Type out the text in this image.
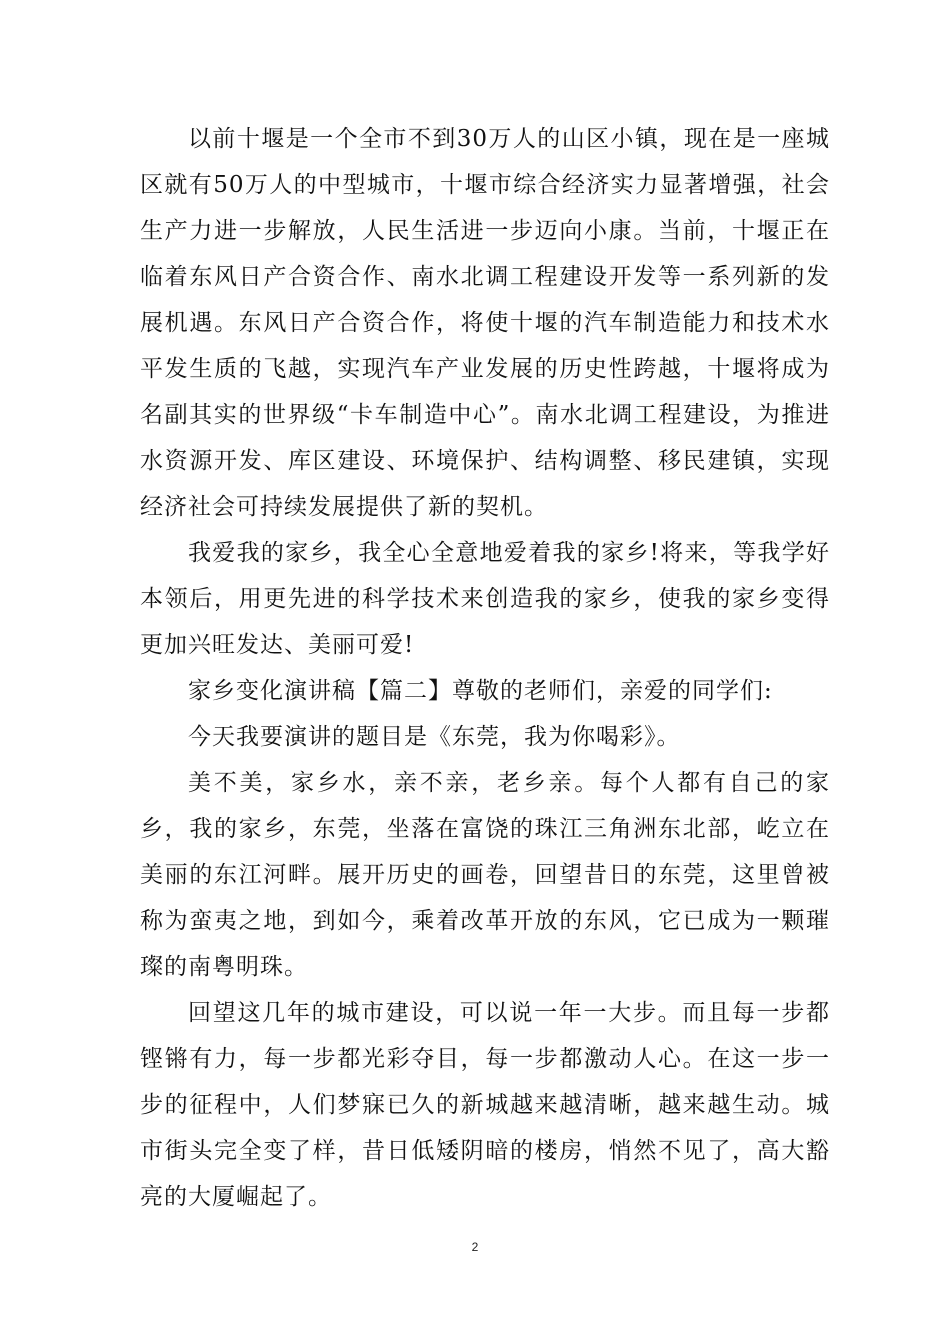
以前十堰是一个全市不到30万人的山区小镇，现在是一座城区就有50万人的中型城市，十堰市综合经济实力显著增强，社会生产力进一步解放，人民生活进一步迈向小康。当前，十堰正在临着东风日产合资合作、南水北调工程建设开发等一系列新的发展机遇。东风日产合资合作，将使十堰的汽车制造能力和技术水平发生质的飞越，实现汽车产业发展的历史性跨越，十堰将成为名副其实的世界级“卡车制造中心”。南水北调工程建设，为推进水资源开发、库区建设、环境保护、结构调整、移民建镇，实现经济社会可持续发展提供了新的契机。

我爱我的家乡，我全心全意地爱着我的家乡!将来，等我学好本领后，用更先进的科学技术来创造我的家乡，使我的家乡变得更加兴旺发达、美丽可爱!

家乡变化演讲稿【篇二】尊敬的老师们，亲爱的同学们:

今天我要演讲的题目是《东莞，我为你喝彩》。

美不美，家乡水，亲不亲，老乡亲。每个人都有自己的家乡，我的家乡，东莞，坐落在富饶的珠江三角洲东北部，屹立在美丽的东江河畔。展开历史的画卷，回望昔日的东莞，这里曾被称为蛮夷之地，到如今，乘着改革开放的东风，它已成为一颗璀璨的南粤明珠。

回望这几年的城市建设，可以说一年一大步。而且每一步都铿锵有力，每一步都光彩夺目，每一步都激动人心。在这一步一步的征程中，人们梦寐已久的新城越来越清晰，越来越生动。城市街头完全变了样，昔日低矮阴暗的楼房，悄然不见了，高大豁亮的大厦崛起了。

2
